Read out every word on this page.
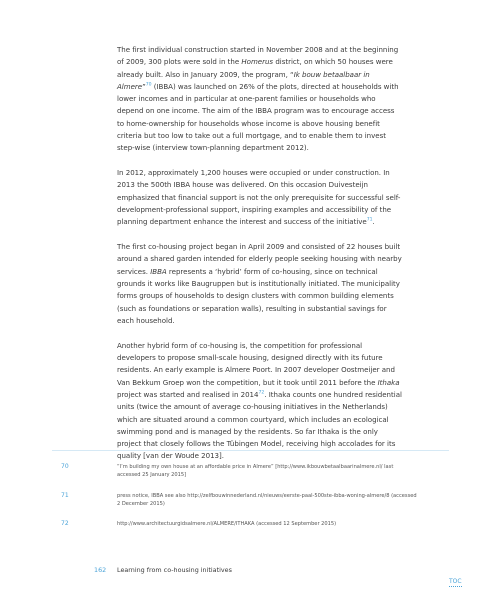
The first individual construction started in November 2008 and at the beginning of 2009, 300 plots were sold in the Homerus district, on which 50 houses were already built. Also in January 2009, the program, “Ik bouw betaalbaar in Almere”$^{70}$ (IBBA) was launched on 26% of the plots, directed at households with lower incomes and in particular at one-parent families or households who depend on one income. The aim of the IBBA program was to encourage access to home-ownership for households whose income is above housing benefit criteria but too low to take out a full mortgage, and to enable them to invest step-wise (interview town-planning department 2012).

In 2012, approximately 1,200 houses were occupied or under construction. In 2013 the 500th IBBA house was delivered. On this occasion Duivesteijn emphasized that financial support is not the only prerequisite for successful self-development-professional support, inspiring examples and accessibility of the planning department enhance the interest and success of the initiative$^{71}$.

The first co-housing project began in April 2009 and consisted of 22 houses built around a shared garden intended for elderly people seeking housing with nearby services. IBBA represents a ‘hybrid’ form of co-housing, since on technical grounds it works like Baugruppen but is institutionally initiated. The municipality forms groups of households to design clusters with common building elements (such as foundations or separation walls), resulting in substantial savings for each household.

Another hybrid form of co-housing is, the competition for professional developers to propose small-scale housing, designed directly with its future residents. An early example is Almere Poort. In 2007 developer Oostmeijer and Van Bekkum Groep won the competition, but it took until 2011 before the Ithaka project was started and realised in 2014$^{72}$. Ithaka counts one hundred residential units (twice the amount of average co-housing initiatives in the Netherlands) which are situated around a common courtyard, which includes an ecological swimming pond and is managed by the residents. So far Ithaka is the only project that closely follows the Tübingen Model, receiving high accolades for its quality [van der Woude 2013].

70	“I’m building my own house at an affordable price in Almere” [http://www.ikbouwbetaalbaarinalmere.nl/ last accessed 25 January 2015]
71	press notice, IBBA see also http://zelfbouwinnederland.nl/nieuws/eerste-paal-500ste-ibba-woning-almere/8 (accessed 2 December 2015)
72	http://www.architectuurgidsalmere.nl/ALMERE/ITHAKA (accessed 12 September 2015)
162 Learning from co-housing initiatives
TOC
